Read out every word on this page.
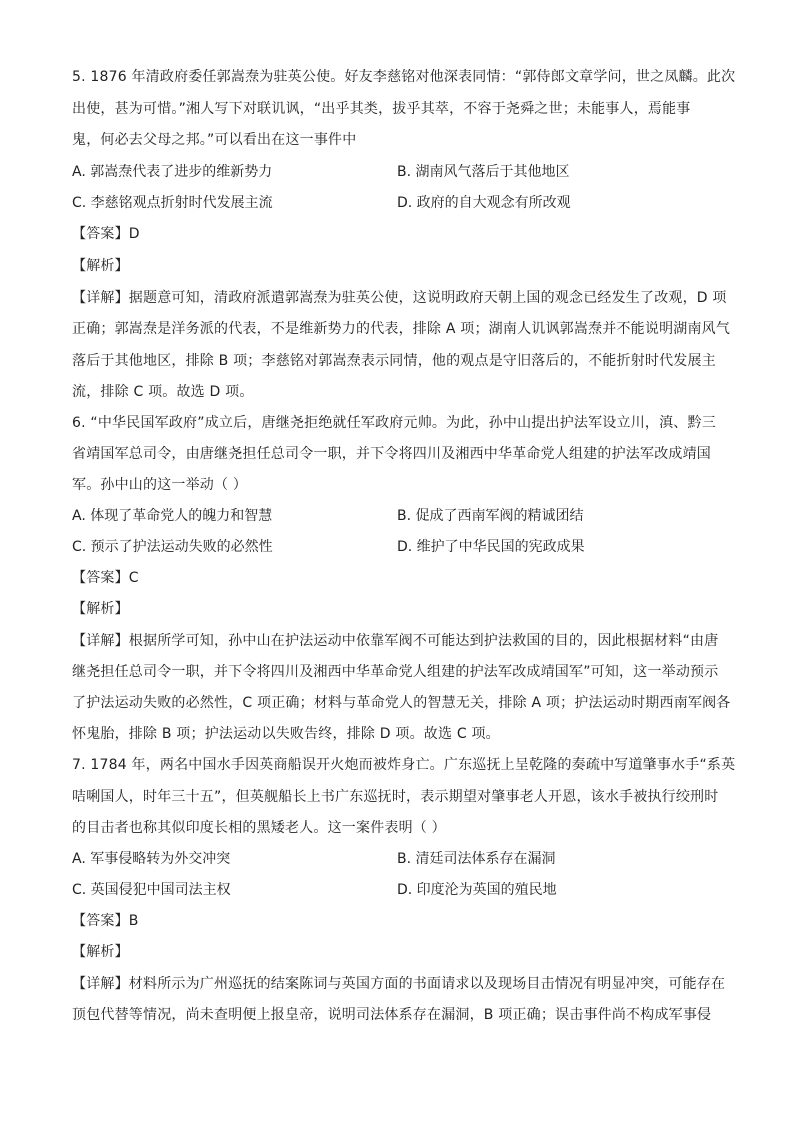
5. 1876 年清政府委任郭嵩焘为驻英公使。好友李慈铭对他深表同情：“郭侍郎文章学问，世之凤麟。此次
出使，甚为可惜。”湘人写下对联讥讽，“出乎其类，拔乎其萃，不容于尧舜之世；未能事人，焉能事
鬼，何必去父母之邦。”可以看出在这一事件中
A. 郭嵩焘代表了进步的维新势力	B. 湖南风气落后于其他地区
C. 李慈铭观点折射时代发展主流	D. 政府的自大观念有所改观
【答案】D
【解析】
【详解】据题意可知，清政府派遣郭嵩焘为驻英公使，这说明政府天朝上国的观念已经发生了改观，D 项
正确；郭嵩焘是洋务派的代表，不是维新势力的代表，排除 A 项；湖南人讥讽郭嵩焘并不能说明湖南风气
落后于其他地区，排除 B 项；李慈铭对郭嵩焘表示同情，他的观点是守旧落后的，不能折射时代发展主
流，排除 C 项。故选 D 项。
6. “中华民国军政府”成立后，唐继尧拒绝就任军政府元帅。为此，孙中山提出护法军设立川，滇、黔三
省靖国军总司令，由唐继尧担任总司令一职，并下令将四川及湘西中华革命党人组建的护法军改成靖国
军。孙中山的这一举动（ ）
A. 体现了革命党人的魄力和智慧	B. 促成了西南军阀的精诚团结
C. 预示了护法运动失败的必然性	D. 维护了中华民国的宪政成果
【答案】C
【解析】
【详解】根据所学可知，孙中山在护法运动中依靠军阀不可能达到护法救国的目的，因此根据材料“由唐
继尧担任总司令一职，并下令将四川及湘西中华革命党人组建的护法军改成靖国军”可知，这一举动预示
了护法运动失败的必然性，C 项正确；材料与革命党人的智慧无关，排除 A 项；护法运动时期西南军阀各
怀鬼胎，排除 B 项；护法运动以失败告终，排除 D 项。故选 C 项。
7. 1784 年，两名中国水手因英商船误开火炮而被炸身亡。广东巡抚上呈乾隆的奏疏中写道肇事水手“系英
咭唎国人，时年三十五”，但英舰船长上书广东巡抚时，表示期望对肇事老人开恩，该水手被执行绞刑时
的目击者也称其似印度长相的黑矮老人。这一案件表明（ ）
A. 军事侵略转为外交冲突	B. 清廷司法体系存在漏洞
C. 英国侵犯中国司法主权	D. 印度沦为英国的殖民地
【答案】B
【解析】
【详解】材料所示为广州巡抚的结案陈词与英国方面的书面请求以及现场目击情况有明显冲突，可能存在
顶包代替等情况，尚未查明便上报皇帝，说明司法体系存在漏洞，B 项正确；误击事件尚不构成军事侵
